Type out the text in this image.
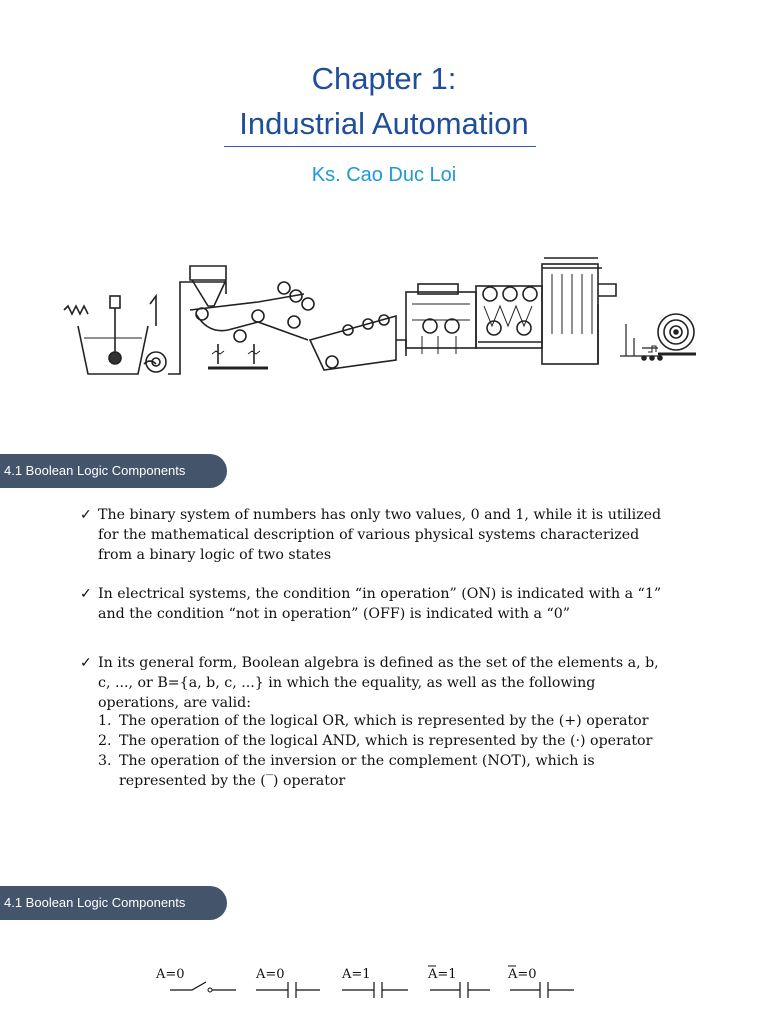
Chapter 1:
Industrial Automation
Ks. Cao Duc Loi
4.1 Boolean Logic Components
✓ The binary system of numbers has only two values, 0 and 1, while it is utilized for the mathematical description of various physical systems characterized from a binary logic of two states
✓ In electrical systems, the condition “in operation” (ON) is indicated with a “1” and the condition “not in operation” (OFF) is indicated with a “0”
✓ In its general form, Boolean algebra is defined as the set of the elements a, b, c, ..., or B={a, b, c, ...} in which the equality, as well as the following operations, are valid:
1. The operation of the logical OR, which is represented by the (+) operator
2. The operation of the logical AND, which is represented by the (·) operator
3. The operation of the inversion or the complement (NOT), which is represented by the (‾) operator
4.1 Boolean Logic Components
A=0	A=0	A=1	A=1	A=0
